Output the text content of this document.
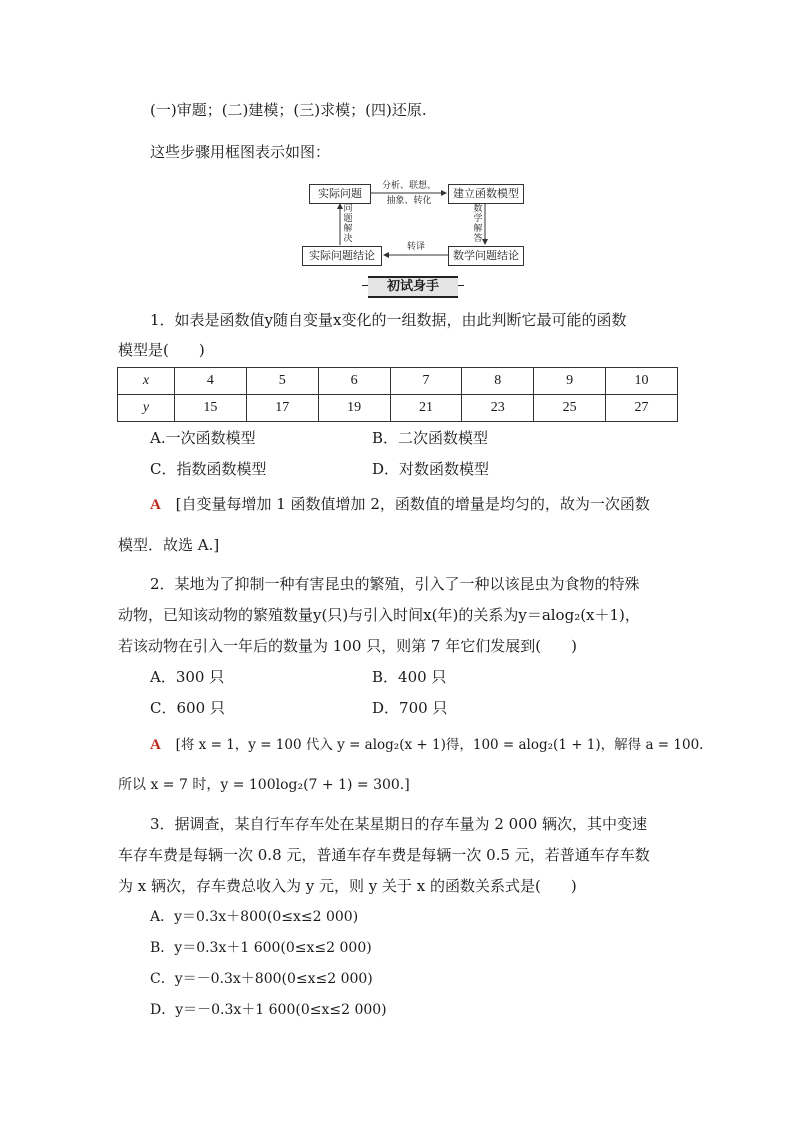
(一)审题；(二)建模；(三)求模；(四)还原.
这些步骤用框图表示如图：
实际问题	建立函数模型
实际问题结论	数学问题结论
分析、联想、
抽象、转化
数学解答
转译
问题解决
初试身手
1．如表是函数值y随自变量x变化的一组数据，由此判断它最可能的函数
模型是(　　)
x	4	5	6	7	8	9	10
y	15	17	19	21	23	25	27
A.一次函数模型	B．二次函数模型
C．指数函数模型	D．对数函数模型
A [自变量每增加 1 函数值增加 2，函数值的增量是均匀的，故为一次函数
模型．故选 A.]
2．某地为了抑制一种有害昆虫的繁殖，引入了一种以该昆虫为食物的特殊
动物，已知该动物的繁殖数量y(只)与引入时间x(年)的关系为y＝alog₂(x＋1)，
若该动物在引入一年后的数量为 100 只，则第 7 年它们发展到(　　)
A．300 只	B．400 只
C．600 只	D．700 只
A [将 x = 1，y = 100 代入 y = alog₂(x + 1)得，100 = alog₂(1 + 1)，解得 a = 100.
所以 x = 7 时，y = 100log₂(7 + 1) = 300.]
3．据调查，某自行车存车处在某星期日的存车量为 2 000 辆次，其中变速
车存车费是每辆一次 0.8 元，普通车存车费是每辆一次 0.5 元，若普通车存车数
为 x 辆次，存车费总收入为 y 元，则 y 关于 x 的函数关系式是(　　)
A．y＝0.3x＋800(0≤x≤2 000)
B．y＝0.3x＋1 600(0≤x≤2 000)
C．y＝－0.3x＋800(0≤x≤2 000)
D．y＝－0.3x＋1 600(0≤x≤2 000)
